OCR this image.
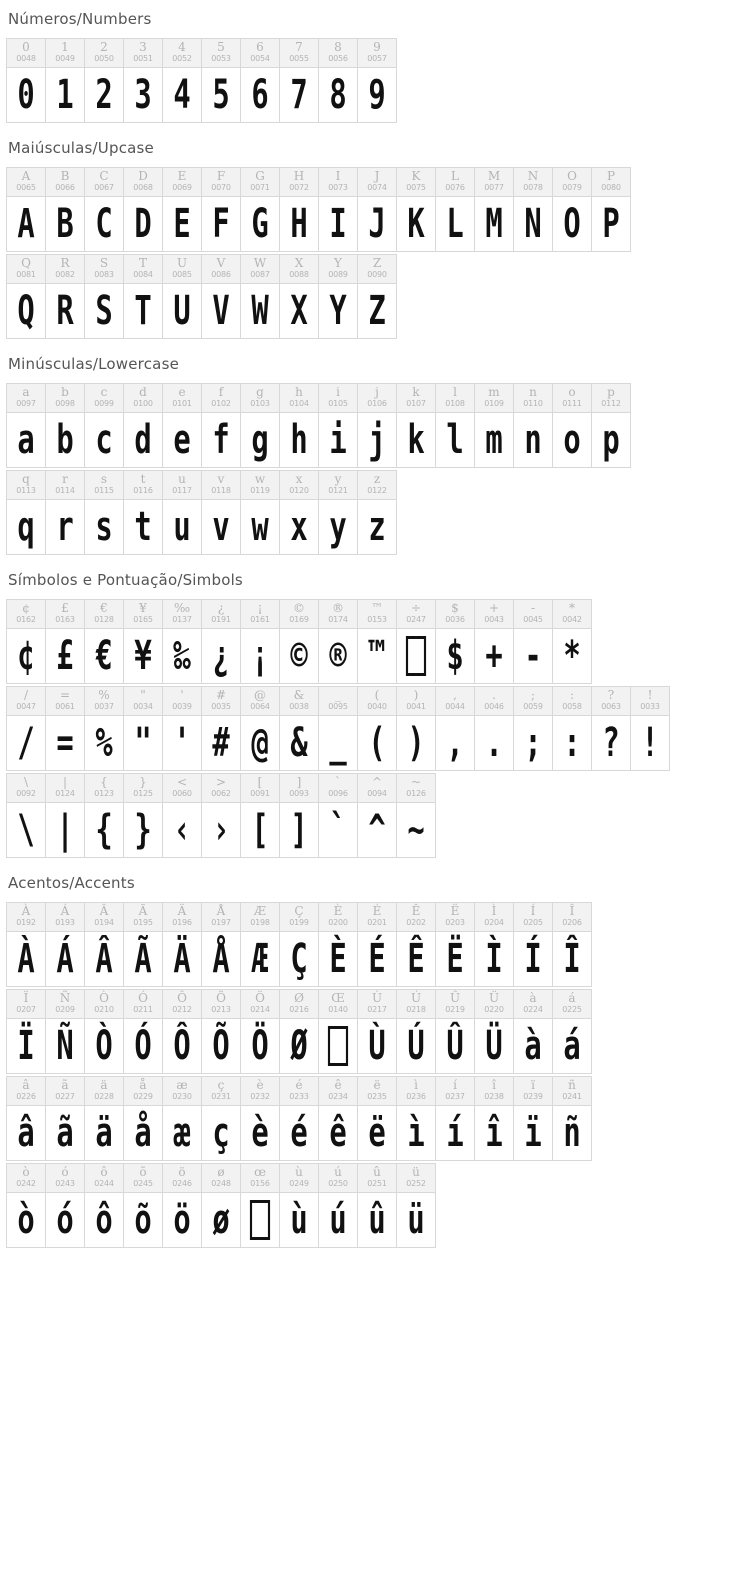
Números/Numbers
0
0048
0
1
0049
1
2
0050
2
3
0051
3
4
0052
4
5
0053
5
6
0054
6
7
0055
7
8
0056
8
9
0057
9
Maiúsculas/Upcase
A
0065
A
B
0066
B
C
0067
C
D
0068
D
E
0069
E
F
0070
F
G
0071
G
H
0072
H
I
0073
I
J
0074
J
K
0075
K
L
0076
L
M
0077
M
N
0078
N
O
0079
O
P
0080
P
Q
0081
Q
R
0082
R
S
0083
S
T
0084
T
U
0085
U
V
0086
V
W
0087
W
X
0088
X
Y
0089
Y
Z
0090
Z
Minúsculas/Lowercase
a
0097
a
b
0098
b
c
0099
c
d
0100
d
e
0101
e
f
0102
f
g
0103
g
h
0104
h
i
0105
i
j
0106
j
k
0107
k
l
0108
l
m
0109
m
n
0110
n
o
0111
o
p
0112
p
q
0113
q
r
0114
r
s
0115
s
t
0116
t
u
0117
u
v
0118
v
w
0119
w
x
0120
x
y
0121
y
z
0122
z
Símbolos e Pontuação/Simbols
¢
0162
¢
£
0163
£
€
0128
€
¥
0165
¥
‰
0137
‰
¿
0191
¿
¡
0161
¡
©
0169
©
®
0174
®
™
0153
™
÷
0247
$
0036
$
+
0043
+
-
0045
-
*
0042
*
/
0047
/
=
0061
=
%
0037
%
"
0034
"
'
0039
'
#
0035
#
@
0064
@
&
0038
&
_
0095
_
(
0040
(
)
0041
)
,
0044
,
.
0046
.
;
0059
;
:
0058
:
?
0063
?
!
0033
!
\
0092
\
|
0124
|
{
0123
{
}
0125
}
<
0060
‹
>
0062
›
[
0091
[
]
0093
]
`
0096
`
^
0094
^
~
0126
~
Acentos/Accents
À
0192
À
Á
0193
Á
Â
0194
Â
Ã
0195
Ã
Ä
0196
Ä
Å
0197
Å
Æ
0198
Æ
Ç
0199
Ç
È
0200
È
É
0201
É
Ê
0202
Ê
Ë
0203
Ë
Ì
0204
Ì
Í
0205
Í
Î
0206
Î
Ï
0207
Ï
Ñ
0209
Ñ
Ò
0210
Ò
Ó
0211
Ó
Ô
0212
Ô
Õ
0213
Õ
Ö
0214
Ö
Ø
0216
Ø
Œ
0140
Ù
0217
Ù
Ú
0218
Ú
Û
0219
Û
Ü
0220
Ü
à
0224
à
á
0225
á
â
0226
â
ã
0227
ã
ä
0228
ä
å
0229
å
æ
0230
æ
ç
0231
ç
è
0232
è
é
0233
é
ê
0234
ê
ë
0235
ë
ì
0236
ì
í
0237
í
î
0238
î
ï
0239
ï
ñ
0241
ñ
ò
0242
ò
ó
0243
ó
ô
0244
ô
õ
0245
õ
ö
0246
ö
ø
0248
ø
œ
0156
ù
0249
ù
ú
0250
ú
û
0251
û
ü
0252
ü
